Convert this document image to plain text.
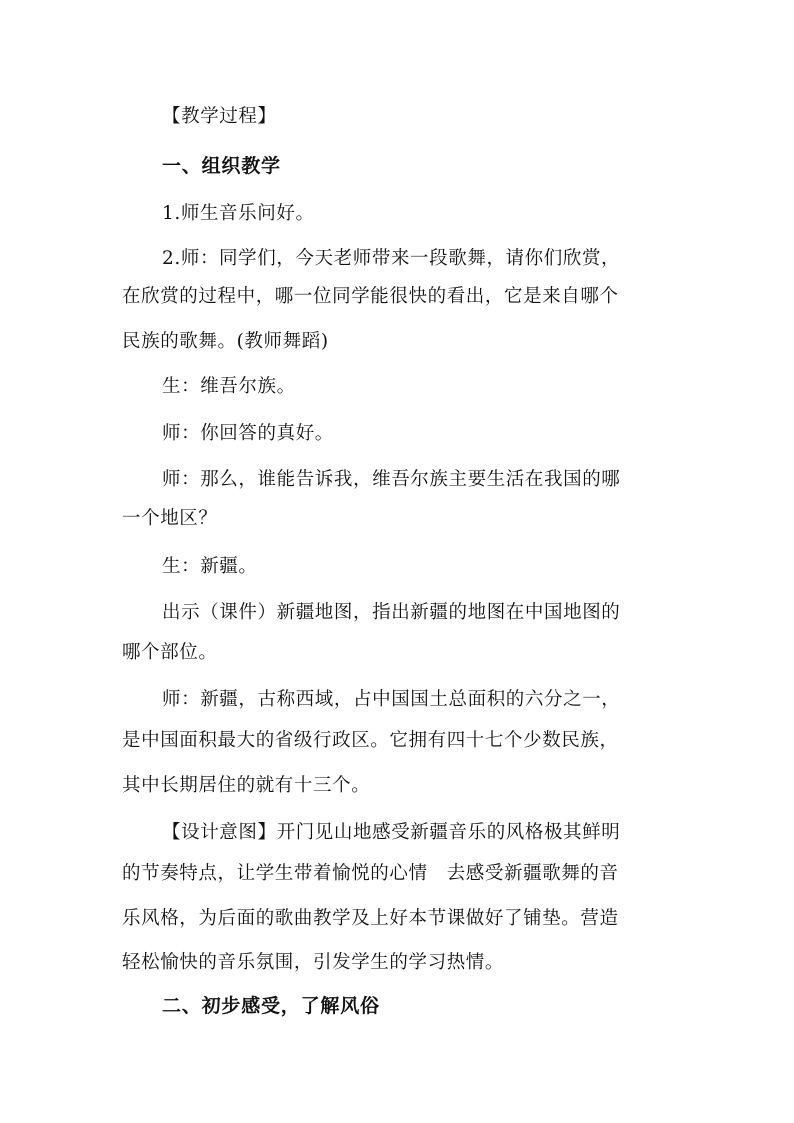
【教学过程】
一、组织教学
1.师生音乐问好。
2.师：同学们，今天老师带来一段歌舞，请你们欣赏，
在欣赏的过程中，哪一位同学能很快的看出，它是来自哪个
民族的歌舞。(教师舞蹈)
生：维吾尔族。
师：你回答的真好。
师：那么，谁能告诉我，维吾尔族主要生活在我国的哪
一个地区？
生：新疆。
出示（课件）新疆地图，指出新疆的地图在中国地图的
哪个部位。
师：新疆，古称西域，占中国国土总面积的六分之一，
是中国面积最大的省级行政区。它拥有四十七个少数民族，
其中长期居住的就有十三个。
【设计意图】开门见山地感受新疆音乐的风格极其鲜明
的节奏特点，让学生带着愉悦的心情　去感受新疆歌舞的音
乐风格，为后面的歌曲教学及上好本节课做好了铺垫。营造
轻松愉快的音乐氛围，引发学生的学习热情。
二、初步感受，了解风俗
